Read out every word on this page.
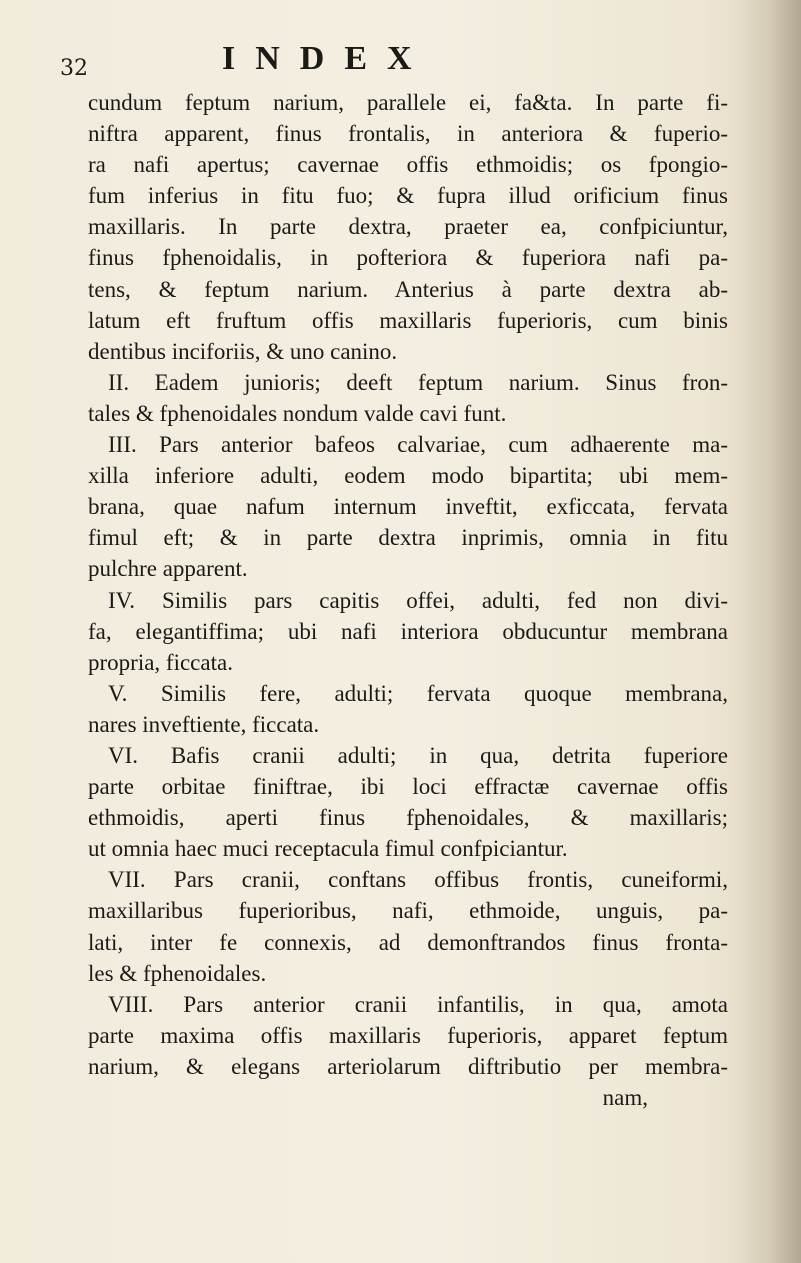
32	INDEX
cundum feptum narium, parallele ei, fa&ta. In parte fi-
niftra apparent, finus frontalis, in anteriora & fuperio-
ra nafi apertus; cavernae offis ethmoidis; os fpongio-
fum inferius in fitu fuo; & fupra illud orificium finus
maxillaris. In parte dextra, praeter ea, confpiciuntur,
finus fphenoidalis, in pofteriora & fuperiora nafi pa-
tens, & feptum narium. Anterius à parte dextra ab-
latum eft fruftum offis maxillaris fuperioris, cum binis
dentibus inciforiis, & uno canino.
II. Eadem junioris; deeft feptum narium. Sinus fron-
tales & fphenoidales nondum valde cavi funt.
III. Pars anterior bafeos calvariae, cum adhaerente ma-
xilla inferiore adulti, eodem modo bipartita; ubi mem-
brana, quae nafum internum inveftit, exficcata, fervata
fimul eft; & in parte dextra inprimis, omnia in fitu
pulchre apparent.
IV. Similis pars capitis offei, adulti, fed non divi-
fa, elegantiffima; ubi nafi interiora obducuntur membrana
propria, ficcata.
V. Similis fere, adulti; fervata quoque membrana,
nares inveftiente, ficcata.
VI. Bafis cranii adulti; in qua, detrita fuperiore
parte orbitae finiftrae, ibi loci effractæ cavernae offis
ethmoidis, aperti finus fphenoidales, & maxillaris;
ut omnia haec muci receptacula fimul confpiciantur.
VII. Pars cranii, conftans offibus frontis, cuneiformi,
maxillaribus fuperioribus, nafi, ethmoide, unguis, pa-
lati, inter fe connexis, ad demonftrandos finus fronta-
les & fphenoidales.
VIII. Pars anterior cranii infantilis, in qua, amota
parte maxima offis maxillaris fuperioris, apparet feptum
narium, & elegans arteriolarum diftributio per membra-
nam,
